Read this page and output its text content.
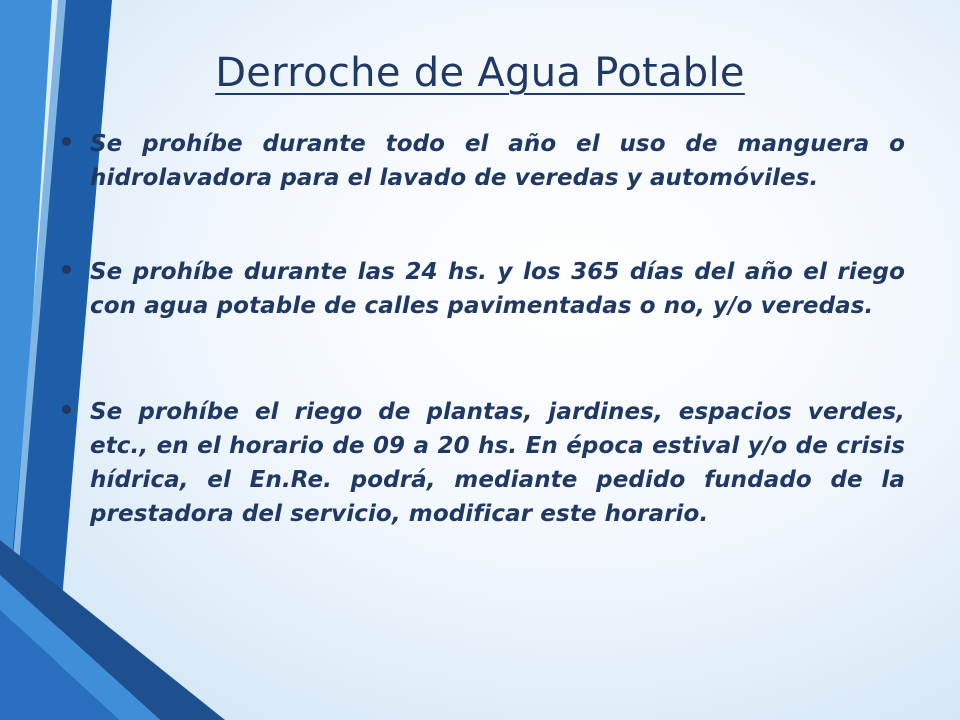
Derroche de Agua Potable
Se prohíbe durante todo el año el uso de manguera o hidrolavadora para el lavado de veredas y automóviles.
Se prohíbe durante las 24 hs. y los 365 días del año el riego con agua potable de calles pavimentadas o no, y/o veredas.
Se prohíbe el riego de plantas, jardines, espacios verdes, etc., en el horario de 09 a 20 hs. En época estival y/o de crisis hídrica, el En.Re. podrá, mediante pedido fundado de la prestadora del servicio, modificar este horario.
